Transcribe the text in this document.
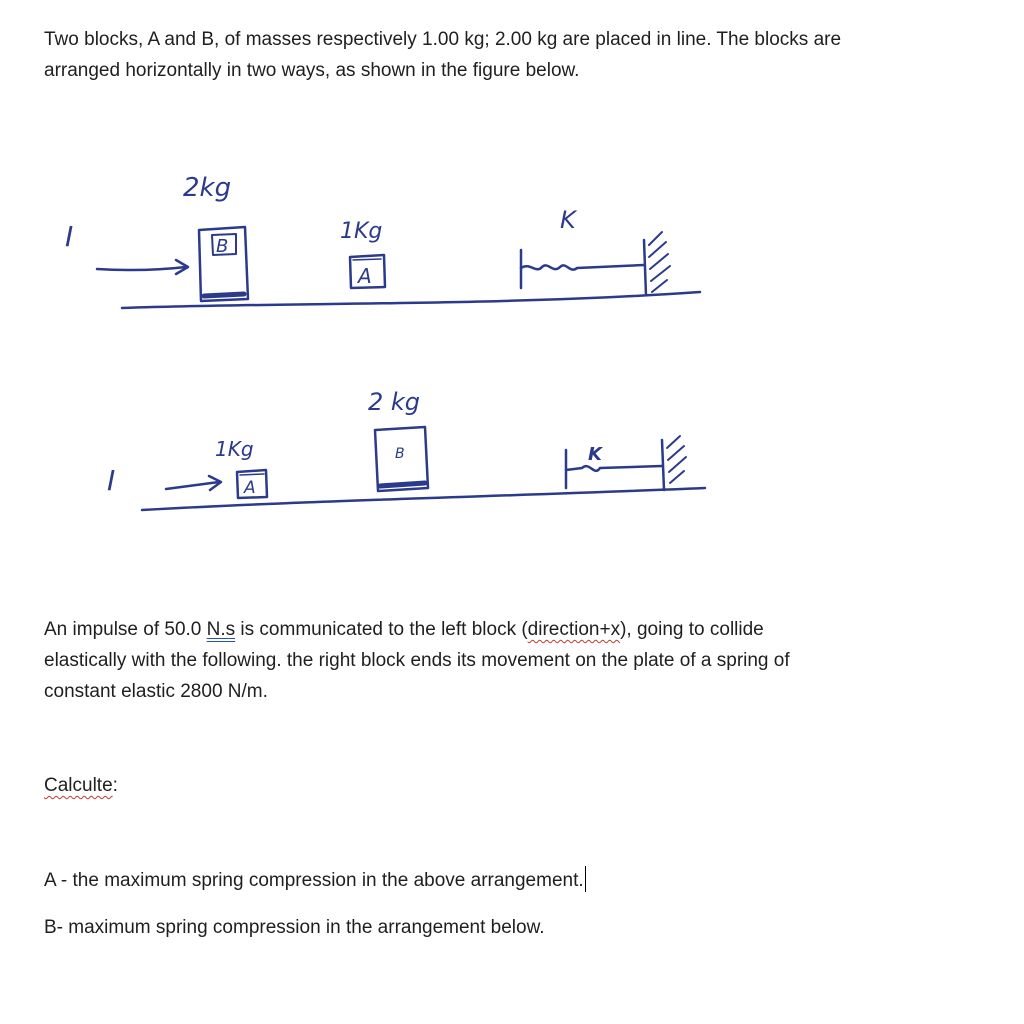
Two blocks, A and B, of masses respectively 1.00 kg; 2.00 kg are placed in line. The blocks are
arranged horizontally in two ways, as shown in the figure below.

I
2kg
B
1Kg
A
K
I
1Kg
A
2 kg
B	K

An impulse of 50.0 N.s is communicated to the left block (direction+x), going to collide
elastically with the following. the right block ends its movement on the plate of a spring of
constant elastic 2800 N/m.

Calculte:

A - the maximum spring compression in the above arrangement.

B- maximum spring compression in the arrangement below.
